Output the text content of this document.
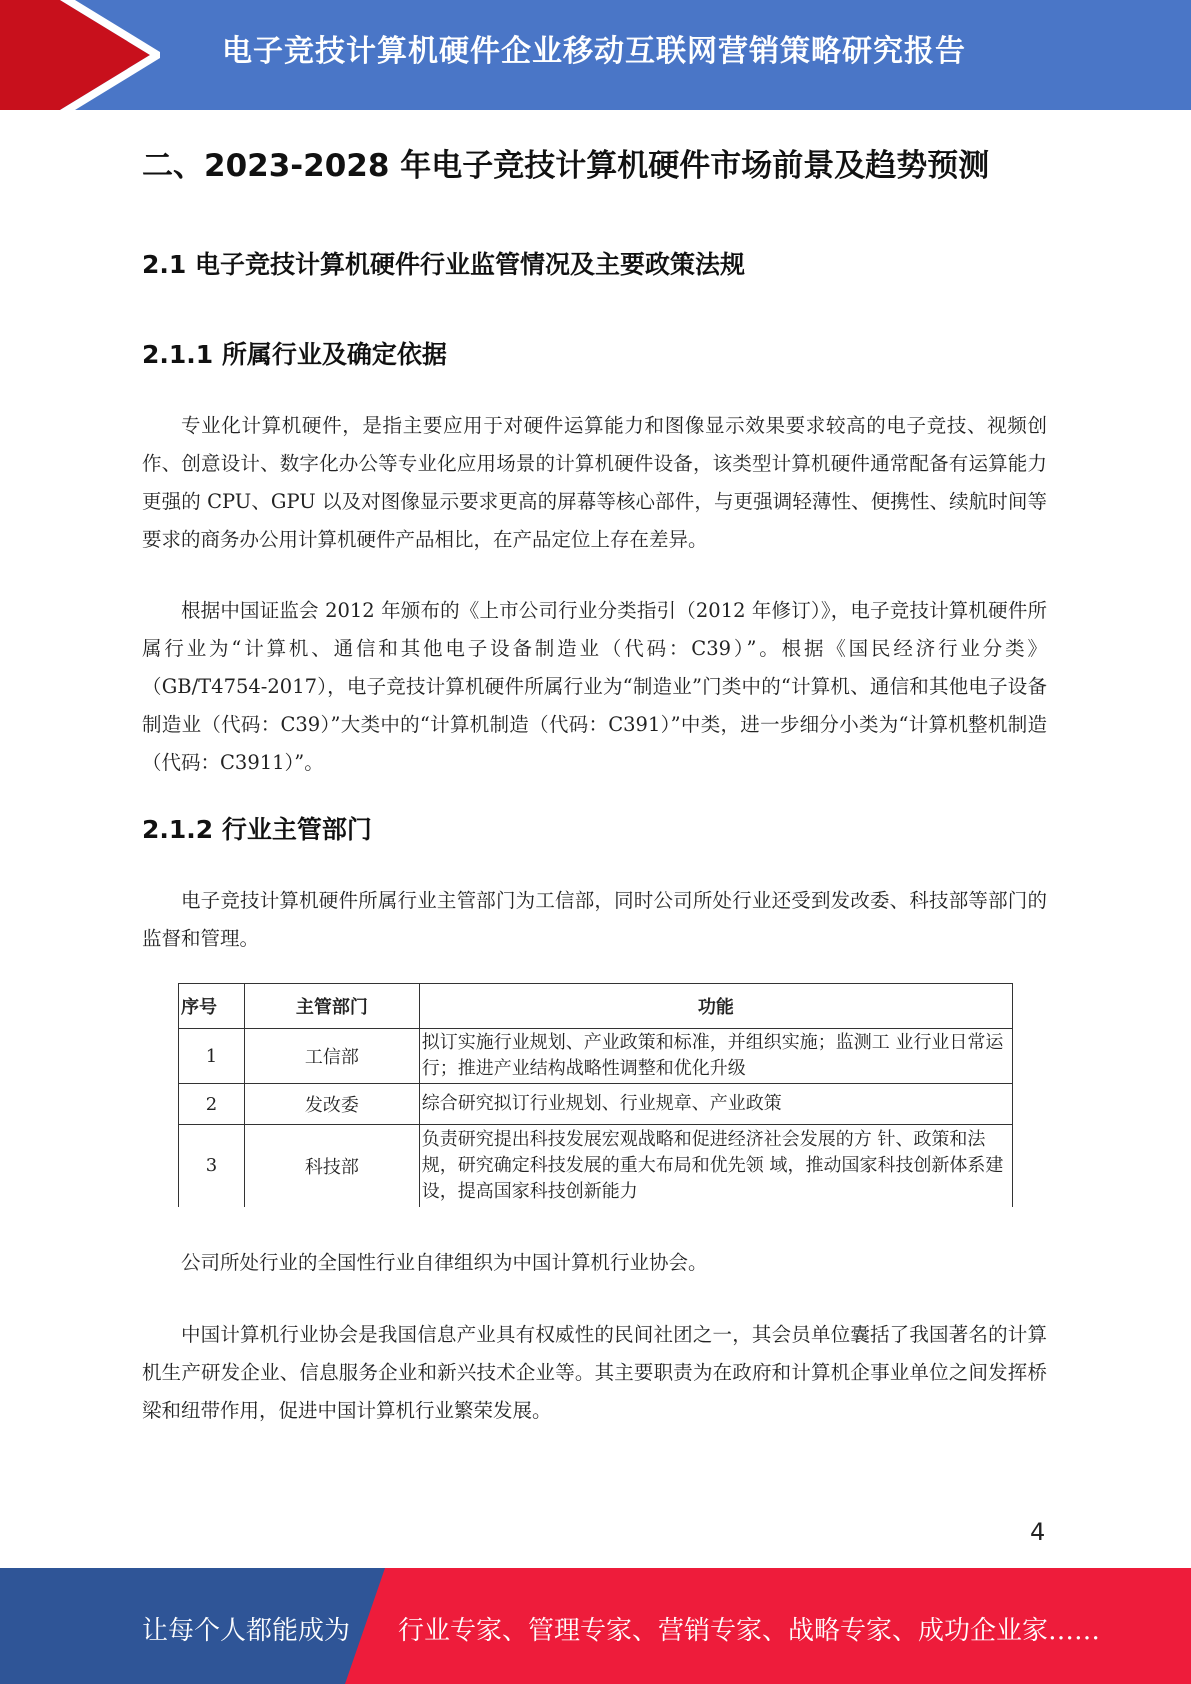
电子竞技计算机硬件企业移动互联网营销策略研究报告
二、2023-2028 年电子竞技计算机硬件市场前景及趋势预测
2.1 电子竞技计算机硬件行业监管情况及主要政策法规
2.1.1 所属行业及确定依据

专业化计算机硬件，是指主要应用于对硬件运算能力和图像显示效果要求较高的电子竞技、视频创作、创意设计、数字化办公等专业化应用场景的计算机硬件设备，该类型计算机硬件通常配备有运算能力更强的 CPU、GPU 以及对图像显示要求更高的屏幕等核心部件，与更强调轻薄性、便携性、续航时间等要求的商务办公用计算机硬件产品相比，在产品定位上存在差异。

根据中国证监会 2012 年颁布的《上市公司行业分类指引（2012 年修订）》，电子竞技计算机硬件所属行业为“计算机、通信和其他电子设备制造业（代码：C39）”。根据《国民经济行业分类》（GB/T4754-2017），电子竞技计算机硬件所属行业为“制造业”门类中的“计算机、通信和其他电子设备制造业（代码：C39）”大类中的“计算机制造（代码：C391）”中类，进一步细分小类为“计算机整机制造（代码：C3911）”。

2.1.2 行业主管部门

电子竞技计算机硬件所属行业主管部门为工信部，同时公司所处行业还受到发改委、科技部等部门的监督和管理。

序号	主管部门	功能
1	工信部	拟订实施行业规划、产业政策和标准，并组织实施；监测工 业行业日常运行；推进产业结构战略性调整和优化升级
2	发改委	综合研究拟订行业规划、行业规章、产业政策
3	科技部	负责研究提出科技发展宏观战略和促进经济社会发展的方 针、政策和法规，研究确定科技发展的重大布局和优先领 域，推动国家科技创新体系建设，提高国家科技创新能力

公司所处行业的全国性行业自律组织为中国计算机行业协会。

中国计算机行业协会是我国信息产业具有权威性的民间社团之一，其会员单位囊括了我国著名的计算机生产研发企业、信息服务企业和新兴技术企业等。其主要职责为在政府和计算机企事业单位之间发挥桥梁和纽带作用，促进中国计算机行业繁荣发展。

4
让每个人都能成为 行业专家、管理专家、营销专家、战略专家、成功企业家……
